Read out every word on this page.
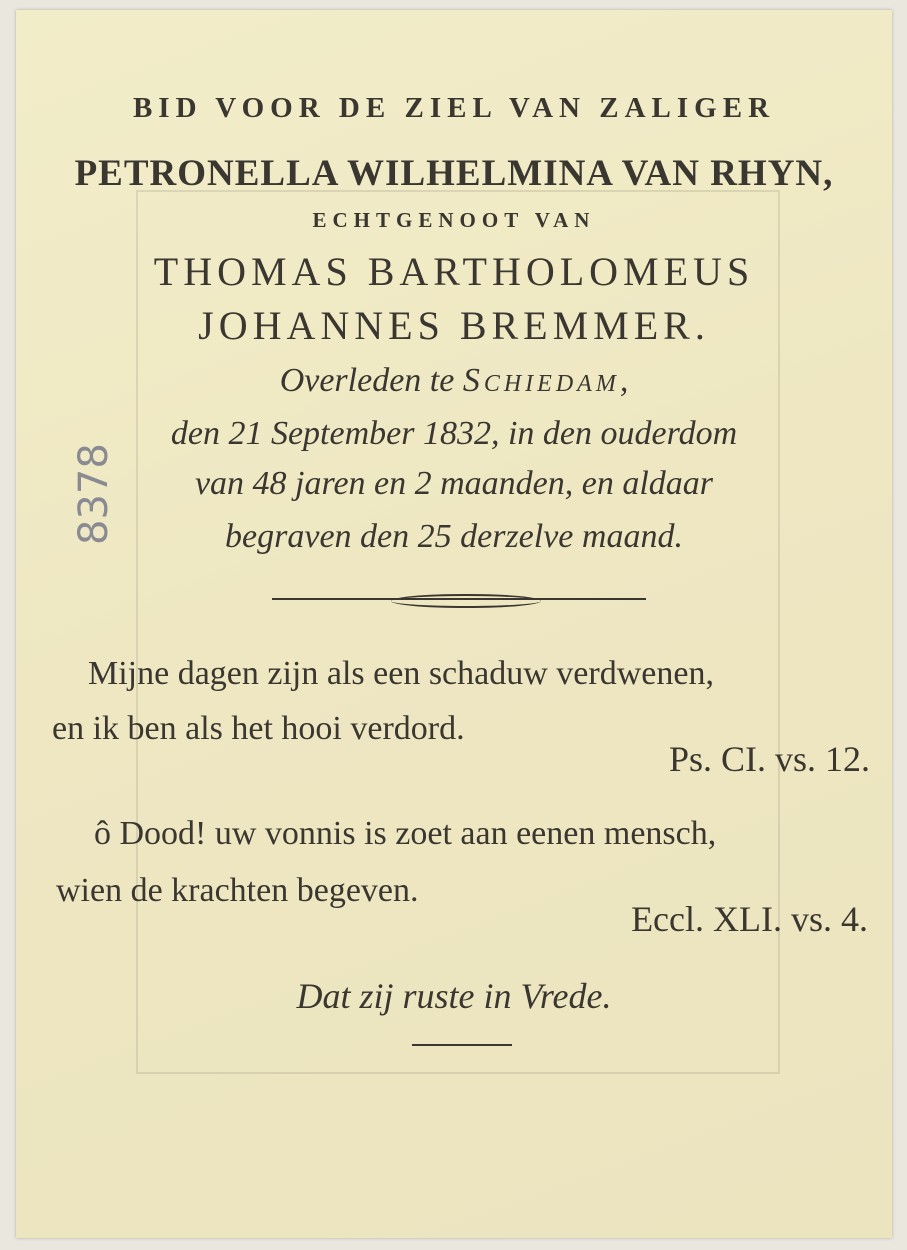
8378
BID VOOR DE ZIEL VAN ZALIGER
PETRONELLA WILHELMINA VAN RHYN,
ECHTGENOOT VAN
THOMAS BARTHOLOMEUS
JOHANNES BREMMER.
Overleden te Schiedam,
den 21 September 1832, in den ouderdom
van 48 jaren en 2 maanden, en aldaar
begraven den 25 derzelve maand.
Mijne dagen zijn als een schaduw verdwenen,
en ik ben als het hooi verdord.
Ps. CI. vs. 12.
ô Dood! uw vonnis is zoet aan eenen mensch,
wien de krachten begeven.
Eccl. XLI. vs. 4.
Dat zij ruste in Vrede.
